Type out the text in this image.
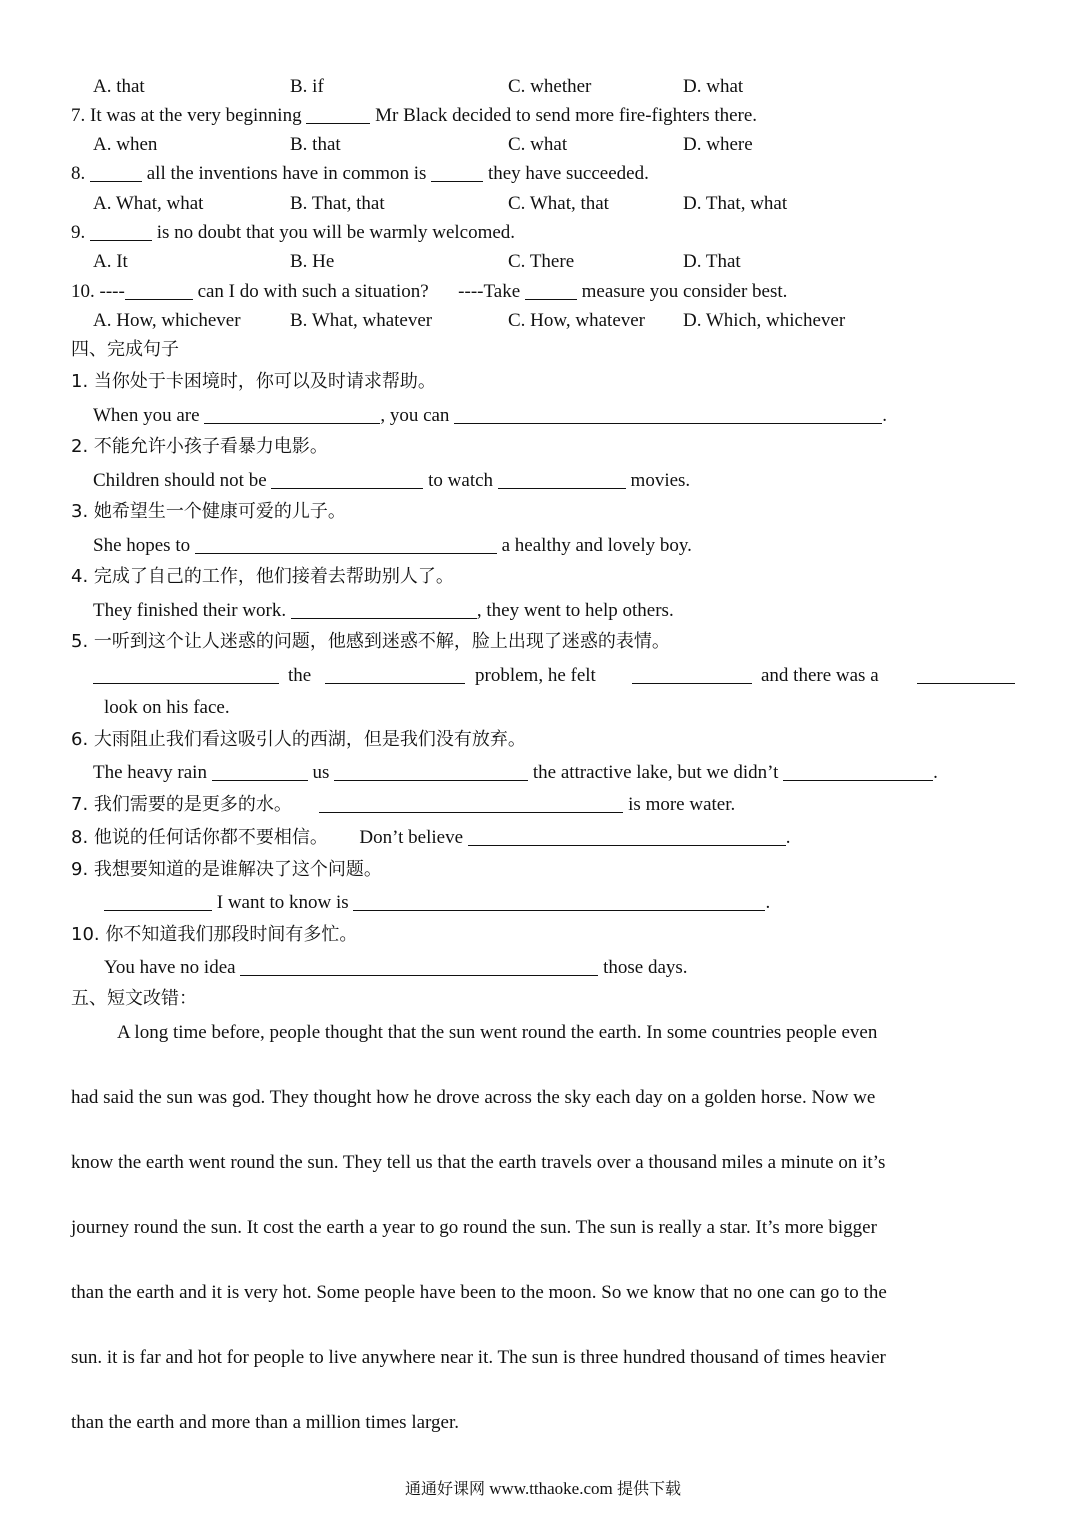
A. that	B. if	C. whether	D. what
7. It was at the very beginning	Mr Black decided to send more fire-fighters there.
A. when	B. that	C. what	D. where
8.	all the inventions have in common is	they have succeeded.
A. What, what	B. That, that	C. What, that	D. That, what
9.	is no doubt that you will be warmly welcomed.
A. It	B. He	C. There	D. That
10. ----	can I do with such a situation? ----Take	measure you consider best.
A. How, whichever	B. What, whatever	C. How, whatever D. Which, whichever
四、完成句子
1. 当你处于卡困境时，你可以及时请求帮助。
When you are	, you can	.
2. 不能允许小孩子看暴力电影。
Children should not be	to watch	movies.
3. 她希望生一个健康可爱的儿子。
She hopes to	a healthy and lovely boy.
4. 完成了自己的工作，他们接着去帮助别人了。
They finished their work.	, they went to help others.
5. 一听到这个让人迷惑的问题，他感到迷惑不解，脸上出现了迷惑的表情。
the	problem, he felt	and there was a
look on his face.
6. 大雨阻止我们看这吸引人的西湖，但是我们没有放弃。
The heavy rain	us	the attractive lake, but we didn’t	.
7. 我们需要的是更多的水。	is more water.
8. 他说的任何话你都不要相信。 Don’t believe	.
9. 我想要知道的是谁解决了这个问题。
I want to know is	.
10. 你不知道我们那段时间有多忙。
You have no idea	those days.
五、短文改错：
A long time before, people thought that the sun went round the earth. In some countries people even
had said the sun was god. They thought how he drove across the sky each day on a golden horse. Now we
know the earth went round the sun. They tell us that the earth travels over a thousand miles a minute on it’s
journey round the sun. It cost the earth a year to go round the sun. The sun is really a star. It’s more bigger
than the earth and it is very hot. Some people have been to the moon. So we know that no one can go to the
sun. it is far and hot for people to live anywhere near it. The sun is three hundred thousand of times heavier
than the earth and more than a million times larger.
通通好课网 www.tthaoke.com 提供下载
